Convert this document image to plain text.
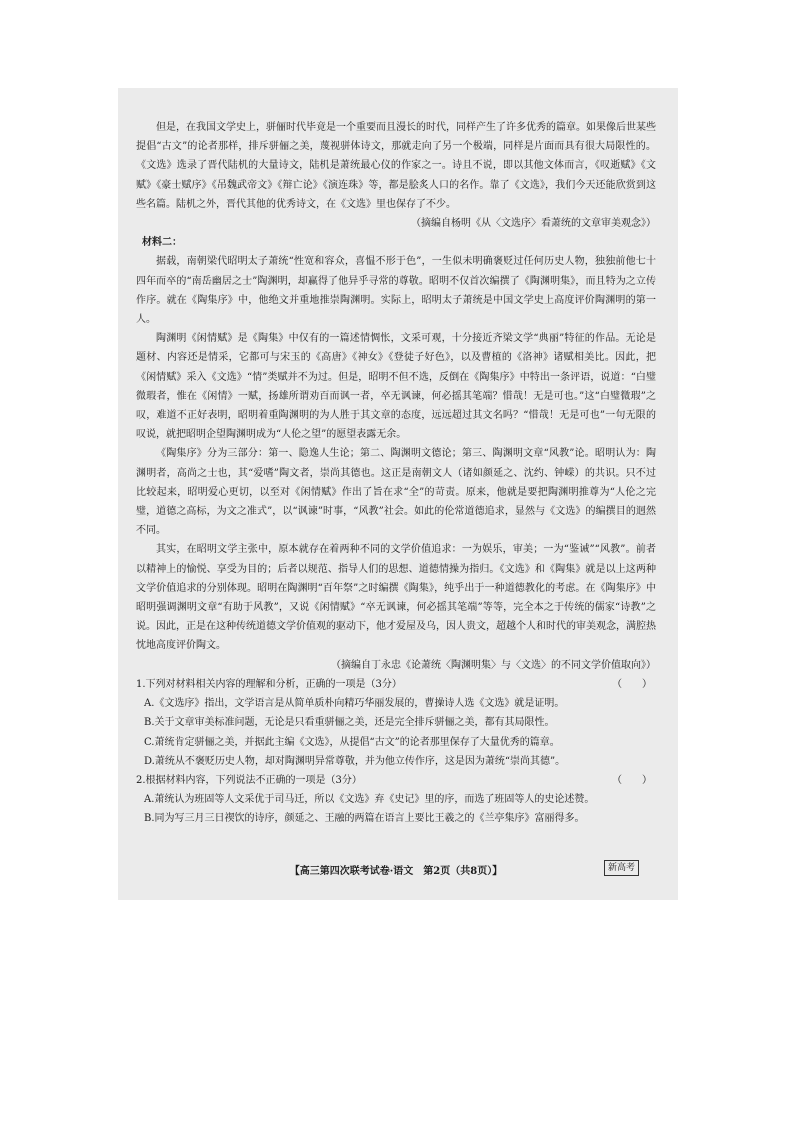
但是，在我国文学史上，骈俪时代毕竟是一个重要而且漫长的时代，同样产生了许多优秀的篇章。如果像后世某些提倡“古文”的论者那样，排斥骈俪之美，蔑视骈体诗文，那就走向了另一个极端，同样是片面而具有很大局限性的。《文选》选录了晋代陆机的大量诗文，陆机是萧统最心仪的作家之一。诗且不说，即以其他文体而言，《叹逝赋》《文赋》《豪士赋序》《吊魏武帝文》《辩亡论》《演连珠》等，都是脍炙人口的名作。靠了《文选》，我们今天还能欣赏到这些名篇。陆机之外，晋代其他的优秀诗文，在《文选》里也保存了不少。

（摘编自杨明《从〈文选序〉看萧统的文章审美观念》）

材料二：

据载，南朝梁代昭明太子萧统“性宽和容众，喜愠不形于色”，一生似未明确褒贬过任何历史人物，独独前他七十四年而卒的“南岳幽居之士”陶渊明，却赢得了他异乎寻常的尊敬。昭明不仅首次编撰了《陶渊明集》，而且特为之立传作序。就在《陶集序》中，他绝文并重地推崇陶渊明。实际上，昭明太子萧统是中国文学史上高度评价陶渊明的第一人。

陶渊明《闲情赋》是《陶集》中仅有的一篇述情惆怅，文采可观，十分接近齐梁文学“典丽”特征的作品。无论是题材、内容还是情采，它都可与宋玉的《高唐》《神女》《登徒子好色》，以及曹植的《洛神》诸赋相美比。因此，把《闲情赋》采入《文选》“情”类赋并不为过。但是，昭明不但不选，反倒在《陶集序》中特出一条评语，说道：“白璧微瑕者，惟在《闲情》一赋，扬雄所谓劝百而讽一者，卒无讽谏，何必摇其笔端？惜哉！无是可也。”这“白璧微瑕”之叹，难道不正好表明，昭明着重陶渊明的为人胜于其文章的态度，远远超过其文名吗？“惜哉！无是可也”一句无限的叹说，就把昭明企望陶渊明成为“人伦之望”的愿望表露无余。

《陶集序》分为三部分：第一、隐逸人生论；第二、陶渊明文德论；第三、陶渊明文章“风教”论。昭明认为：陶渊明者，高尚之士也，其“爱嗜”陶文者，崇尚其德也。这正是南朝文人（诸如颜延之、沈约、钟嵘）的共识。只不过比较起来，昭明爱心更切，以至对《闲情赋》作出了旨在求“全”的苛责。原来，他就是要把陶渊明推尊为“人伦之完璧，道德之高标，为文之准式”，以“讽谏”时事，“风教”社会。如此的伦常道德追求，显然与《文选》的编撰目的迥然不同。

其实，在昭明文学主张中，原本就存在着两种不同的文学价值追求：一为娱乐，审美；一为“鉴诫”“风教”。前者以精神上的愉悦、享受为目的；后者以规范、指导人们的思想、道德情操为指归。《文选》和《陶集》就是以上这两种文学价值追求的分别体现。昭明在陶渊明“百年祭”之时编撰《陶集》，纯乎出于一种道德教化的考虑。在《陶集序》中昭明强调渊明文章“有助于风教”，又说《闲情赋》“卒无讽谏，何必摇其笔端”等等，完全本之于传统的儒家“诗教”之说。因此，正是在这种传统道德文学价值观的驱动下，他才爱屋及乌，因人贵文，超越个人和时代的审美观念，满腔热忱地高度评价陶文。

（摘编自丁永忠《论萧统〈陶渊明集〉与〈文选〉的不同文学价值取向》）

1.下列对材料相关内容的理解和分析，正确的一项是（3分）	（　　）

A.《文选序》指出，文学语言是从简单质朴向精巧华丽发展的，曹操诗人选《文选》就是证明。

B.关于文章审美标准问题，无论是只看重骈俪之美，还是完全排斥骈俪之美，都有其局限性。

C.萧统肯定骈俪之美，并据此主编《文选》，从提倡“古文”的论者那里保存了大量优秀的篇章。

D.萧统从不褒贬历史人物，却对陶渊明异常尊敬，并为他立传作序，这是因为萧统“崇尚其德”。

2.根据材料内容，下列说法不正确的一项是（3分）	（　　）

A.萧统认为班固等人文采优于司马迁，所以《文选》弃《史记》里的序，而选了班固等人的史论述赞。

B.同为写三月三日禊饮的诗序，颜延之、王融的两篇在语言上要比王羲之的《兰亭集序》富丽得多。

【高三第四次联考试卷·语文　第2页（共8页）】	新高考
